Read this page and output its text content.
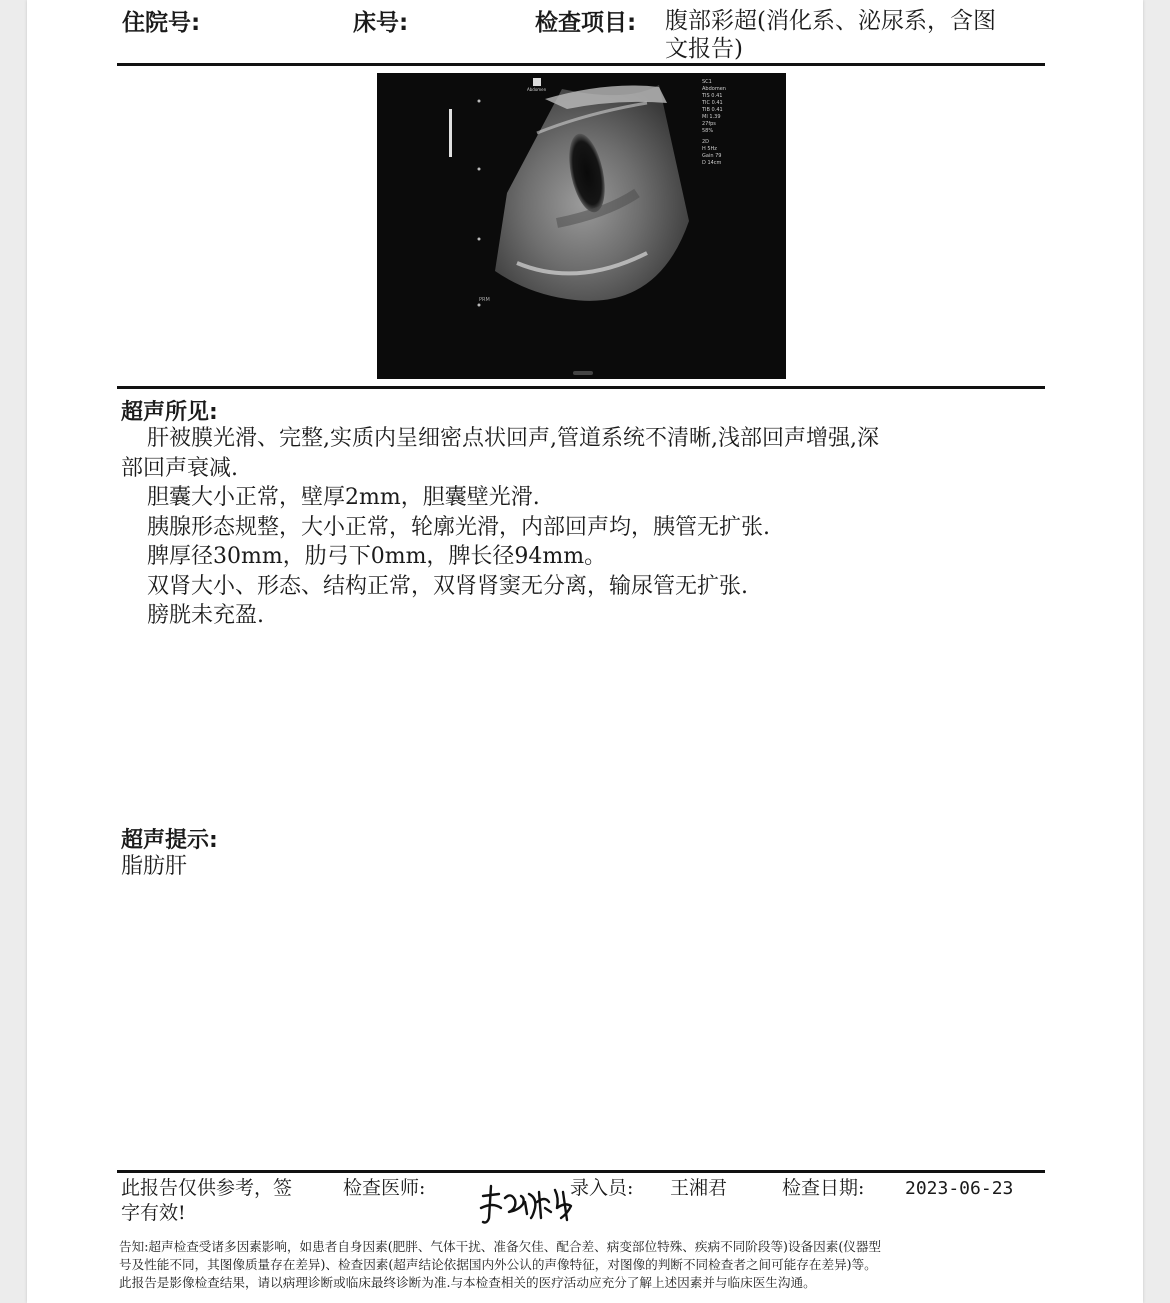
住院号:	床号:	检查项目: 腹部彩超(消化系、泌尿系，含图
文报告)
SC1
Abdomen
TIS 0.41
TIC 0.41
TIB 0.41
MI 1.39
27fps
58%
2D
H 5Hz
Gain 79
D 14cm
Abdomen
PRM
超声所见:
肝被膜光滑、完整,实质内呈细密点状回声,管道系统不清晰,浅部回声增强,深
部回声衰减.
胆囊大小正常，壁厚2mm，胆囊壁光滑.
胰腺形态规整，大小正常，轮廓光滑，内部回声均，胰管无扩张.
脾厚径30mm，肋弓下0mm，脾长径94mm。
双肾大小、形态、结构正常，双肾肾窦无分离，输尿管无扩张.
膀胱未充盈.
超声提示:
脂肪肝
此报告仅供参考，签
字有效!
检查医师:	录入员: 王湘君	检查日期: 2023-06-23
告知:超声检查受诸多因素影响，如患者自身因素(肥胖、气体干扰、准备欠佳、配合差、病变部位特殊、疾病不同阶段等)设备因素(仪器型
号及性能不同，其图像质量存在差异)、检查因素(超声结论依据国内外公认的声像特征，对图像的判断不同检查者之间可能存在差异)等。
此报告是影像检查结果，请以病理诊断或临床最终诊断为准.与本检查相关的医疗活动应充分了解上述因素并与临床医生沟通。
